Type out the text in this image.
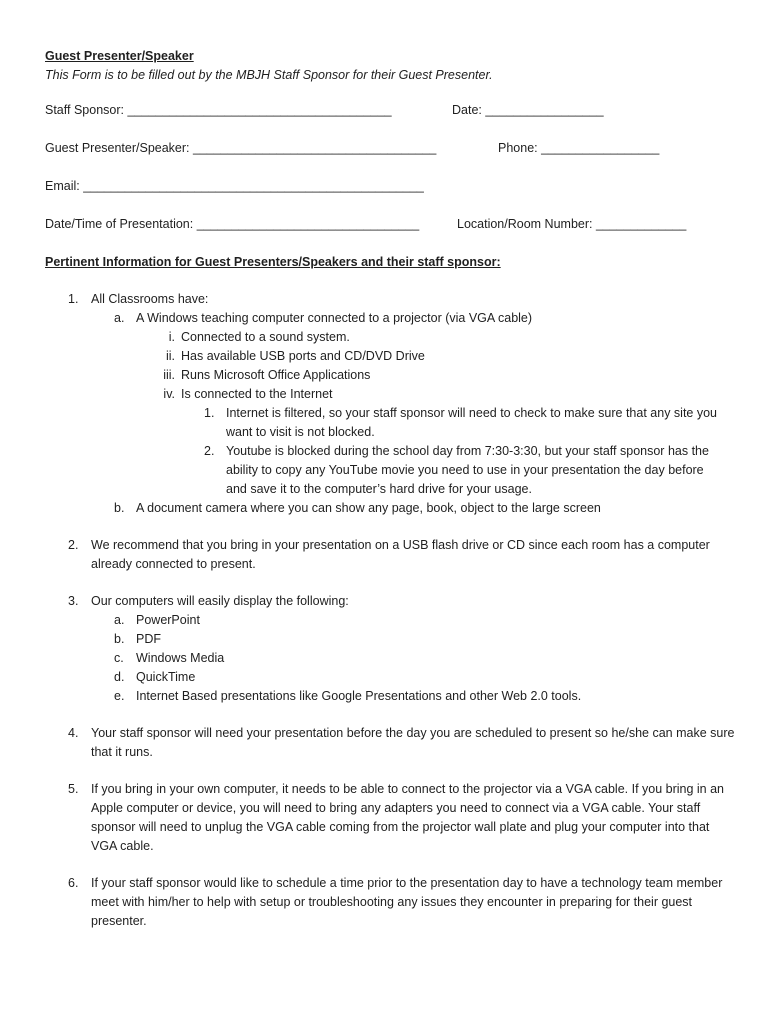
Guest Presenter/Speaker
This Form is to be filled out by the MBJH Staff Sponsor for their Guest Presenter.
Staff Sponsor: ______________________________________	Date: _________________
Guest Presenter/Speaker: ___________________________________	Phone: _________________
Email: _________________________________________________
Date/Time of Presentation: ________________________________	Location/Room Number: _____________
Pertinent Information for Guest Presenters/Speakers and their staff sponsor:
1. All Classrooms have:
a. A Windows teaching computer connected to a projector (via VGA cable)
i. Connected to a sound system.
ii. Has available USB ports and CD/DVD Drive
iii. Runs Microsoft Office Applications
iv. Is connected to the Internet
1. Internet is filtered, so your staff sponsor will need to check to make sure that any site you want to visit is not blocked.
2. Youtube is blocked during the school day from 7:30-3:30, but your staff sponsor has the ability to copy any YouTube movie you need to use in your presentation the day before and save it to the computer’s hard drive for your usage.
b. A document camera where you can show any page, book, object to the large screen
2. We recommend that you bring in your presentation on a USB flash drive or CD since each room has a computer already connected to present.
3. Our computers will easily display the following:
a. PowerPoint
b. PDF
c. Windows Media
d. QuickTime
e. Internet Based presentations like Google Presentations and other Web 2.0 tools.
4. Your staff sponsor will need your presentation before the day you are scheduled to present so he/she can make sure that it runs.
5. If you bring in your own computer, it needs to be able to connect to the projector via a VGA cable. If you bring in an Apple computer or device, you will need to bring any adapters you need to connect via a VGA cable. Your staff sponsor will need to unplug the VGA cable coming from the projector wall plate and plug your computer into that VGA cable.
6. If your staff sponsor would like to schedule a time prior to the presentation day to have a technology team member meet with him/her to help with setup or troubleshooting any issues they encounter in preparing for their guest presenter.
